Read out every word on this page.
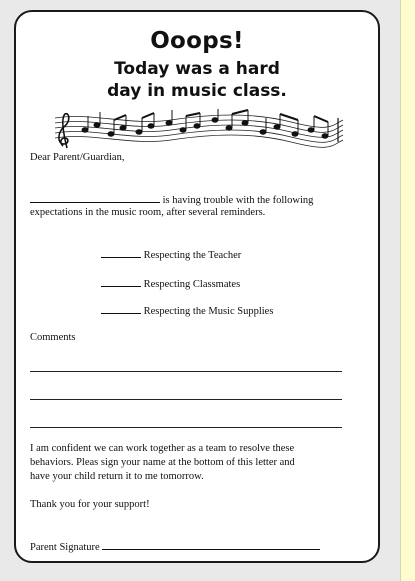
Ooops!
Today was a hard
day in music class.
Dear Parent/Guardian,
is having trouble with the following
expectations in the music room, after several reminders.
Respecting the Teacher
Respecting Classmates
Respecting the Music Supplies
Comments
I am confident we can work together as a team to resolve these
behaviors. Pleas sign your name at the bottom of this letter and
have your child return it to me tomorrow.
Thank you for your support!
Parent Signature
